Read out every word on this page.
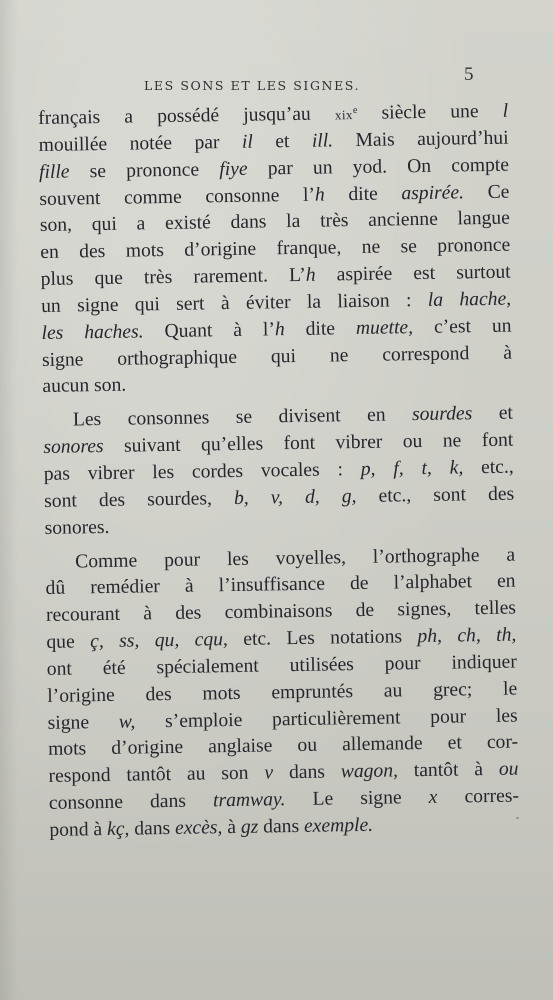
LES SONS ET LES SIGNES.
5
français a possédé jusqu’au xix$^e$ siècle une l
mouillée notée par il et ill. Mais aujourd’hui
fille se prononce fiye par un yod. On compte
souvent comme consonne l’h dite aspirée. Ce
son, qui a existé dans la très ancienne langue
en des mots d’origine franque, ne se prononce
plus que très rarement. L’h aspirée est surtout
un signe qui sert à éviter la liaison : la hache,
les haches. Quant à l’h dite muette, c’est un
signe orthographique qui ne correspond à
aucun son.
Les consonnes se divisent en sourdes et
sonores suivant qu’elles font vibrer ou ne font
pas vibrer les cordes vocales : p, f, t, k, etc.,
sont des sourdes, b, v, d, g, etc., sont des
sonores.
Comme pour les voyelles, l’orthographe a
dû remédier à l’insuffisance de l’alphabet en
recourant à des combinaisons de signes, telles
que ç, ss, qu, cqu, etc. Les notations ph, ch, th,
ont été spécialement utilisées pour indiquer
l’origine des mots empruntés au grec; le
signe w, s’emploie particulièrement pour les
mots d’origine anglaise ou allemande et cor-
respond tantôt au son v dans wagon, tantôt à ou
consonne dans tramway. Le signe x corres-
pond à kç, dans excès, à gz dans exemple.
